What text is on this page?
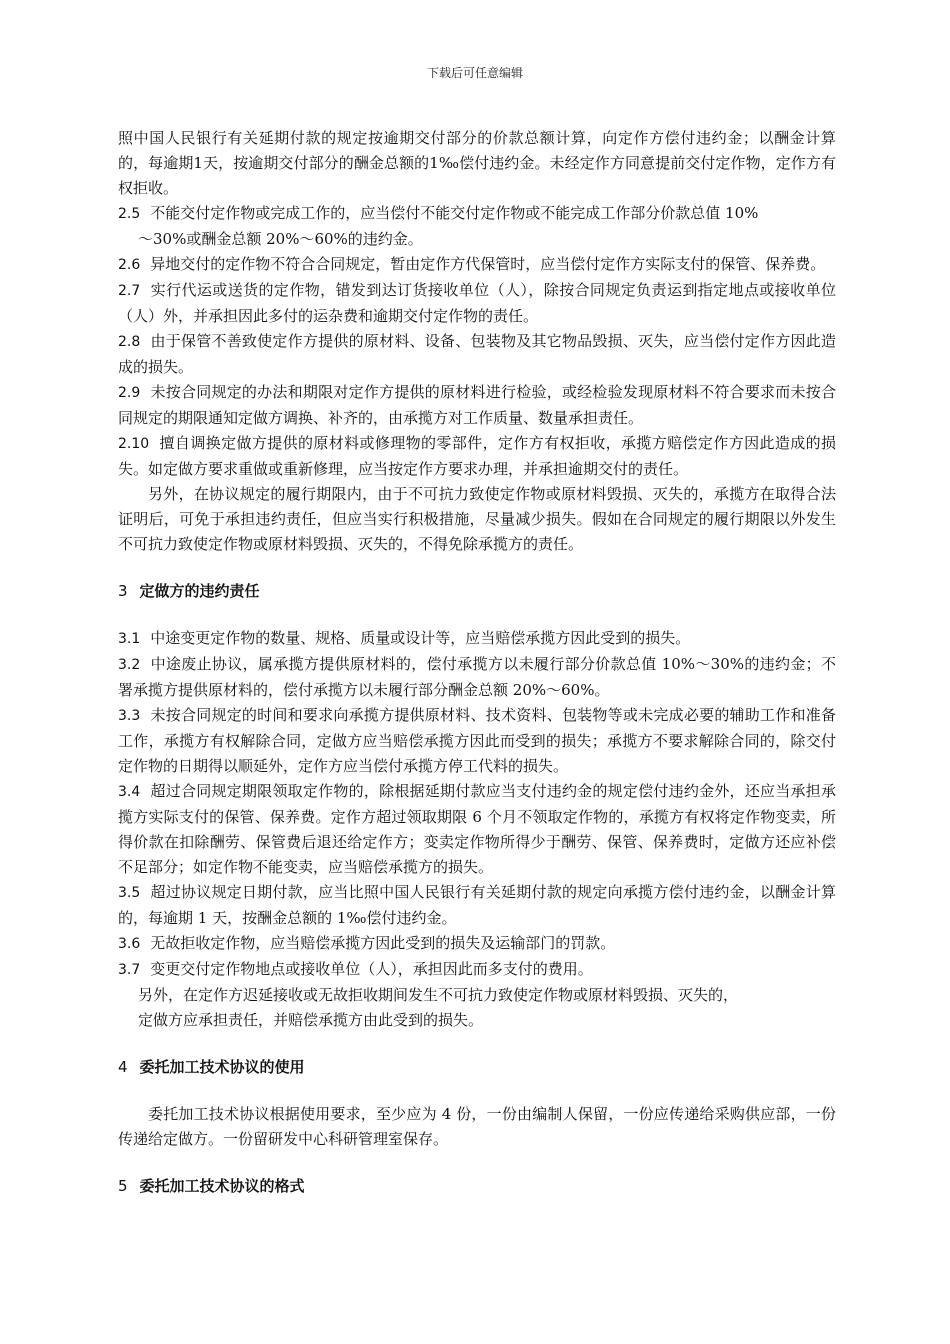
下载后可任意编辑

照中国人民银行有关延期付款的规定按逾期交付部分的价款总额计算，向定作方偿付违约金；以酬金计算的，每逾期1天，按逾期交付部分的酬金总额的1‰偿付违约金。未经定作方同意提前交付定作物，定作方有权拒收。

2.5 不能交付定作物或完成工作的，应当偿付不能交付定作物或不能完成工作部分价款总值 10%
～30%或酬金总额 20%～60%的违约金。

2.6 异地交付的定作物不符合合同规定，暂由定作方代保管时，应当偿付定作方实际支付的保管、保养费。

2.7 实行代运或送货的定作物，错发到达订货接收单位（人），除按合同规定负责运到指定地点或接收单位（人）外，并承担因此多付的运杂费和逾期交付定作物的责任。

2.8 由于保管不善致使定作方提供的原材料、设备、包装物及其它物品毁损、灭失，应当偿付定作方因此造成的损失。

2.9 未按合同规定的办法和期限对定作方提供的原材料进行检验，或经检验发现原材料不符合要求而未按合同规定的期限通知定做方调换、补齐的，由承揽方对工作质量、数量承担责任。

2.10 擅自调换定做方提供的原材料或修理物的零部件，定作方有权拒收，承揽方赔偿定作方因此造成的损失。如定做方要求重做或重新修理，应当按定作方要求办理，并承担逾期交付的责任。

另外，在协议规定的履行期限内，由于不可抗力致使定作物或原材料毁损、灭失的，承揽方在取得合法证明后，可免于承担违约责任，但应当实行积极措施，尽量减少损失。假如在合同规定的履行期限以外发生不可抗力致使定作物或原材料毁损、灭失的，不得免除承揽方的责任。

3 定做方的违约责任

3.1 中途变更定作物的数量、规格、质量或设计等，应当赔偿承揽方因此受到的损失。

3.2 中途废止协议，属承揽方提供原材料的，偿付承揽方以未履行部分价款总值 10%～30%的违约金；不署承揽方提供原材料的，偿付承揽方以未履行部分酬金总额 20%～60%。

3.3 未按合同规定的时间和要求向承揽方提供原材料、技术资料、包装物等或未完成必要的辅助工作和准备工作，承揽方有权解除合同，定做方应当赔偿承揽方因此而受到的损失；承揽方不要求解除合同的，除交付定作物的日期得以顺延外，定作方应当偿付承揽方停工代料的损失。

3.4 超过合同规定期限领取定作物的，除根据延期付款应当支付违约金的规定偿付违约金外，还应当承担承揽方实际支付的保管、保养费。定作方超过领取期限 6 个月不领取定作物的，承揽方有权将定作物变卖，所得价款在扣除酬劳、保管费后退还给定作方；变卖定作物所得少于酬劳、保管、保养费时，定做方还应补偿不足部分；如定作物不能变卖，应当赔偿承揽方的损失。

3.5 超过协议规定日期付款，应当比照中国人民银行有关延期付款的规定向承揽方偿付违约金，以酬金计算的，每逾期 1 天，按酬金总额的 1‰偿付违约金。

3.6 无故拒收定作物，应当赔偿承揽方因此受到的损失及运输部门的罚款。

3.7 变更交付定作物地点或接收单位（人），承担因此而多支付的费用。

另外，在定作方迟延接收或无故拒收期间发生不可抗力致使定作物或原材料毁损、灭失的，
定做方应承担责任，并赔偿承揽方由此受到的损失。

4 委托加工技术协议的使用

委托加工技术协议根据使用要求，至少应为 4 份，一份由编制人保留，一份应传递给采购供应部，一份传递给定做方。一份留研发中心科研管理室保存。

5 委托加工技术协议的格式
